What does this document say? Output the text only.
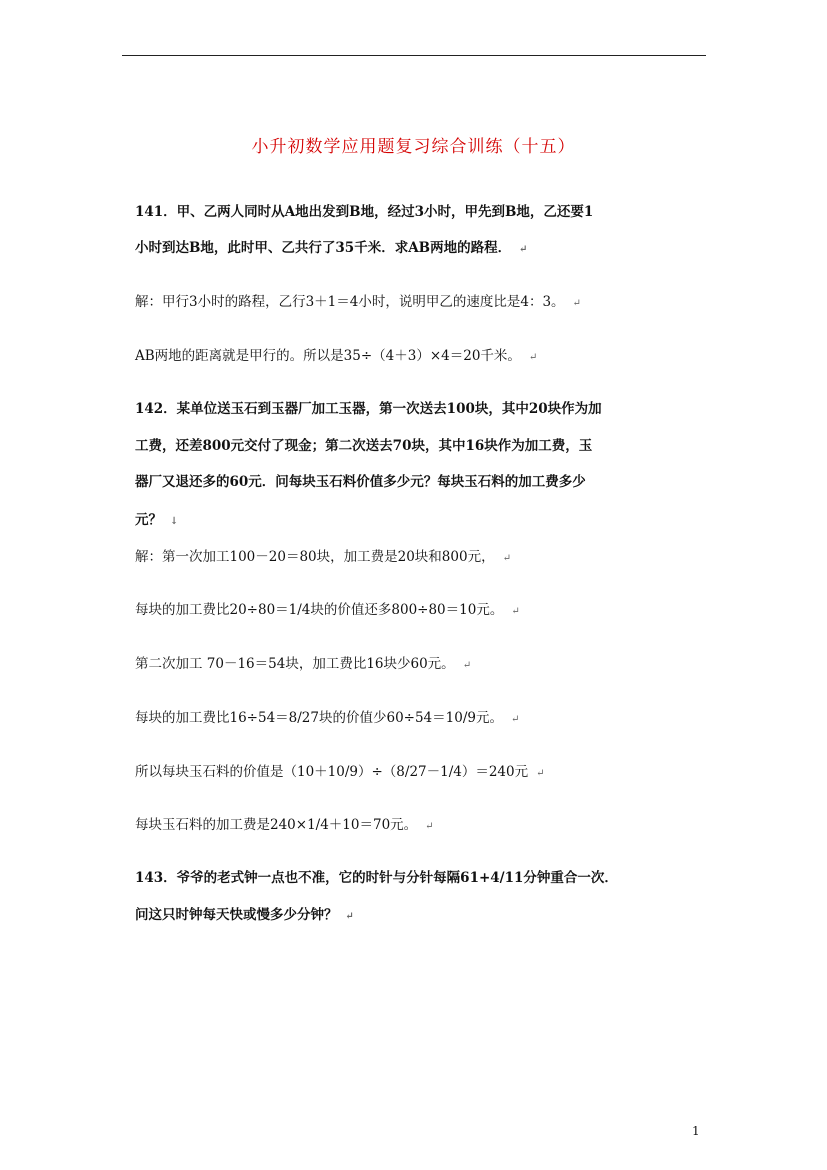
小升初数学应用题复习综合训练（十五）
141．甲、乙两人同时从A地出发到B地，经过3小时，甲先到B地，乙还要1
小时到达B地，此时甲、乙共行了35千米．求AB两地的路程． ↵
解：甲行3小时的路程，乙行3＋1＝4小时，说明甲乙的速度比是4：3。 ↵
AB两地的距离就是甲行的。所以是35÷（4＋3）×4＝20千米。 ↵
142．某单位送玉石到玉器厂加工玉器，第一次送去100块，其中20块作为加
工费，还差800元交付了现金；第二次送去70块，其中16块作为加工费，玉
器厂又退还多的60元．问每块玉石料价值多少元？每块玉石料的加工费多少
元？ ↓
解：第一次加工100－20＝80块，加工费是20块和800元， ↵
每块的加工费比20÷80＝1/4块的价值还多800÷80＝10元。 ↵
第二次加工 70－16＝54块，加工费比16块少60元。 ↵
每块的加工费比16÷54＝8/27块的价值少60÷54＝10/9元。 ↵
所以每块玉石料的价值是（10＋10/9）÷（8/27－1/4）＝240元 ↵
每块玉石料的加工费是240×1/4＋10＝70元。 ↵
143．爷爷的老式钟一点也不准，它的时针与分针每隔61+4/11分钟重合一次．
问这只时钟每天快或慢多少分钟？ ↵
1
